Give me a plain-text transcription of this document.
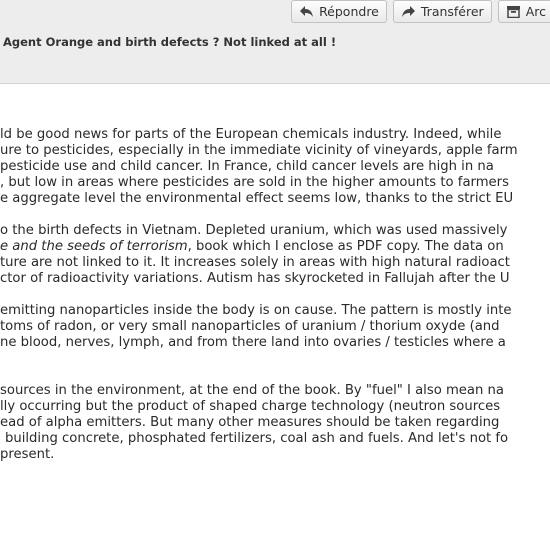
Répondre	Transférer	Arc
Agent Orange and birth defects ? Not linked at all !

ld be good news for parts of the European chemicals industry. Indeed, while

ure to pesticides, especially in the immediate vicinity of vineyards, apple farm

pesticide use and child cancer. In France, child cancer levels are high in na

, but low in areas where pesticides are sold in the higher amounts to farmers

e aggregate level the environmental effect seems low, thanks to the strict EU

o the birth defects in Vietnam. Depleted uranium, which was used massively

e and the seeds of terrorism, book which I enclose as PDF copy. The data on

ture are not linked to it. It increases solely in areas with high natural radioact

ctor of radioactivity variations. Autism has skyrocketed in Fallujah after the U

emitting nanoparticles inside the body is on cause. The pattern is mostly inte

toms of radon, or very small nanoparticles of uranium / thorium oxyde (and

ne blood, nerves, lymph, and from there land into ovaries / testicles where a

sources in the environment, at the end of the book. By "fuel" I also mean na

lly occurring but the product of shaped charge technology (neutron sources

ead of alpha emitters. But many other measures should be taken regarding

building concrete, phosphated fertilizers, coal ash and fuels. And let's not fo

present.
